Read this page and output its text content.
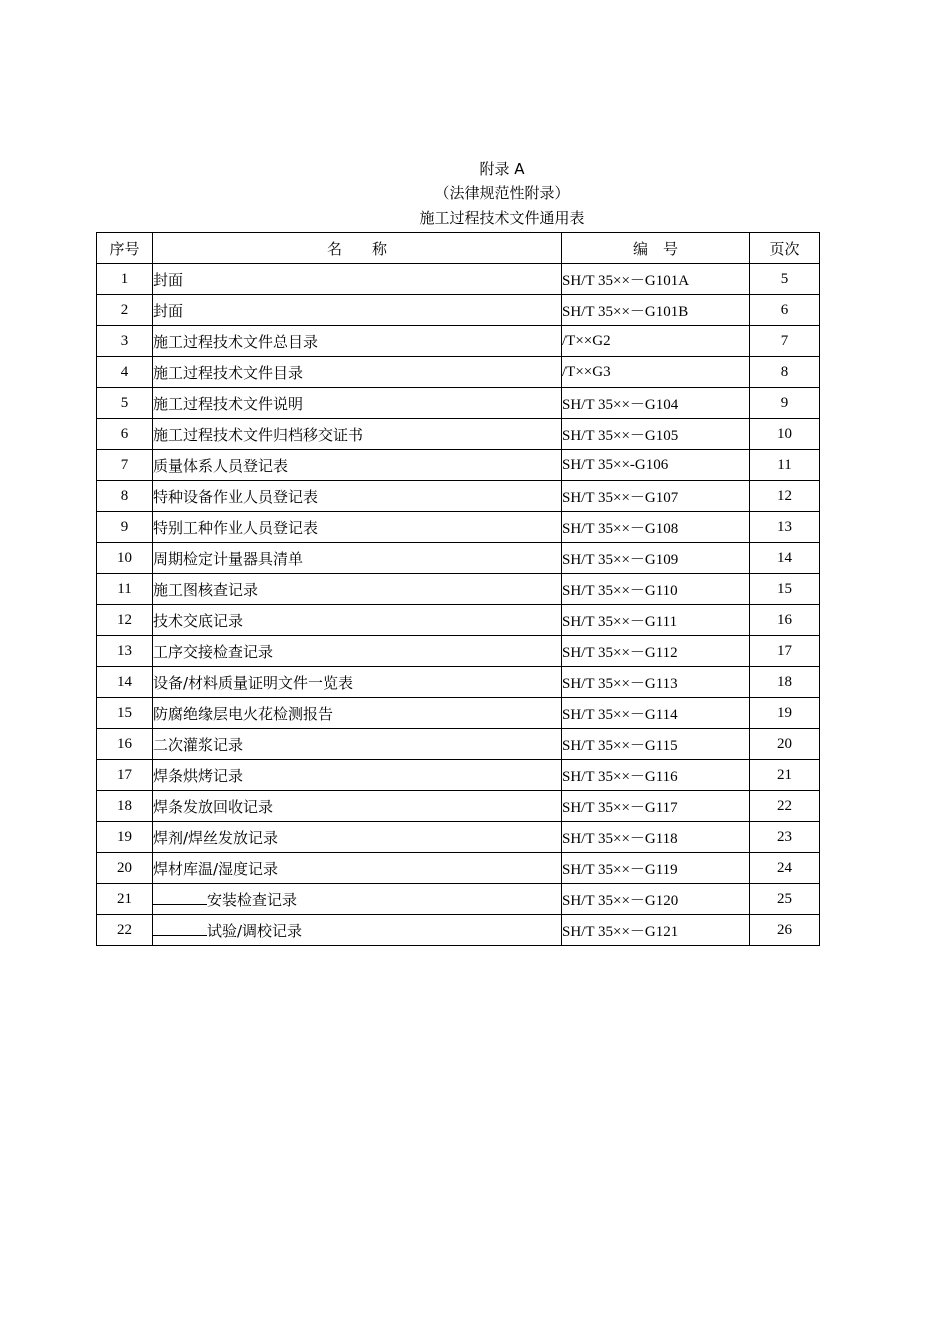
附录 A
（法律规范性附录）
施工过程技术文件通用表
序号	名　　称	编　号	页次
1	封面	SH/T 35××－G101A	5
2	封面	SH/T 35××－G101B	6
3	施工过程技术文件总目录	/T××G2	7
4	施工过程技术文件目录	/T××G3	8
5	施工过程技术文件说明	SH/T 35××－G104	9
6	施工过程技术文件归档移交证书	SH/T 35××－G105	10
7	质量体系人员登记表	SH/T 35××-G106	11
8	特种设备作业人员登记表	SH/T 35××－G107	12
9	特别工种作业人员登记表	SH/T 35××－G108	13
10	周期检定计量器具清单	SH/T 35××－G109	14
11	施工图核查记录	SH/T 35××－G110	15
12	技术交底记录	SH/T 35××－G111	16
13	工序交接检查记录	SH/T 35××－G112	17
14	设备/材料质量证明文件一览表	SH/T 35××－G113	18
15	防腐绝缘层电火花检测报告	SH/T 35××－G114	19
16	二次灌浆记录	SH/T 35××－G115	20
17	焊条烘烤记录	SH/T 35××－G116	21
18	焊条发放回收记录	SH/T 35××－G117	22
19	焊剂/焊丝发放记录	SH/T 35××－G118	23
20	焊材库温/湿度记录	SH/T 35××－G119	24
21	安装检查记录	SH/T 35××－G120	25
22	试验/调校记录	SH/T 35××－G121	26
